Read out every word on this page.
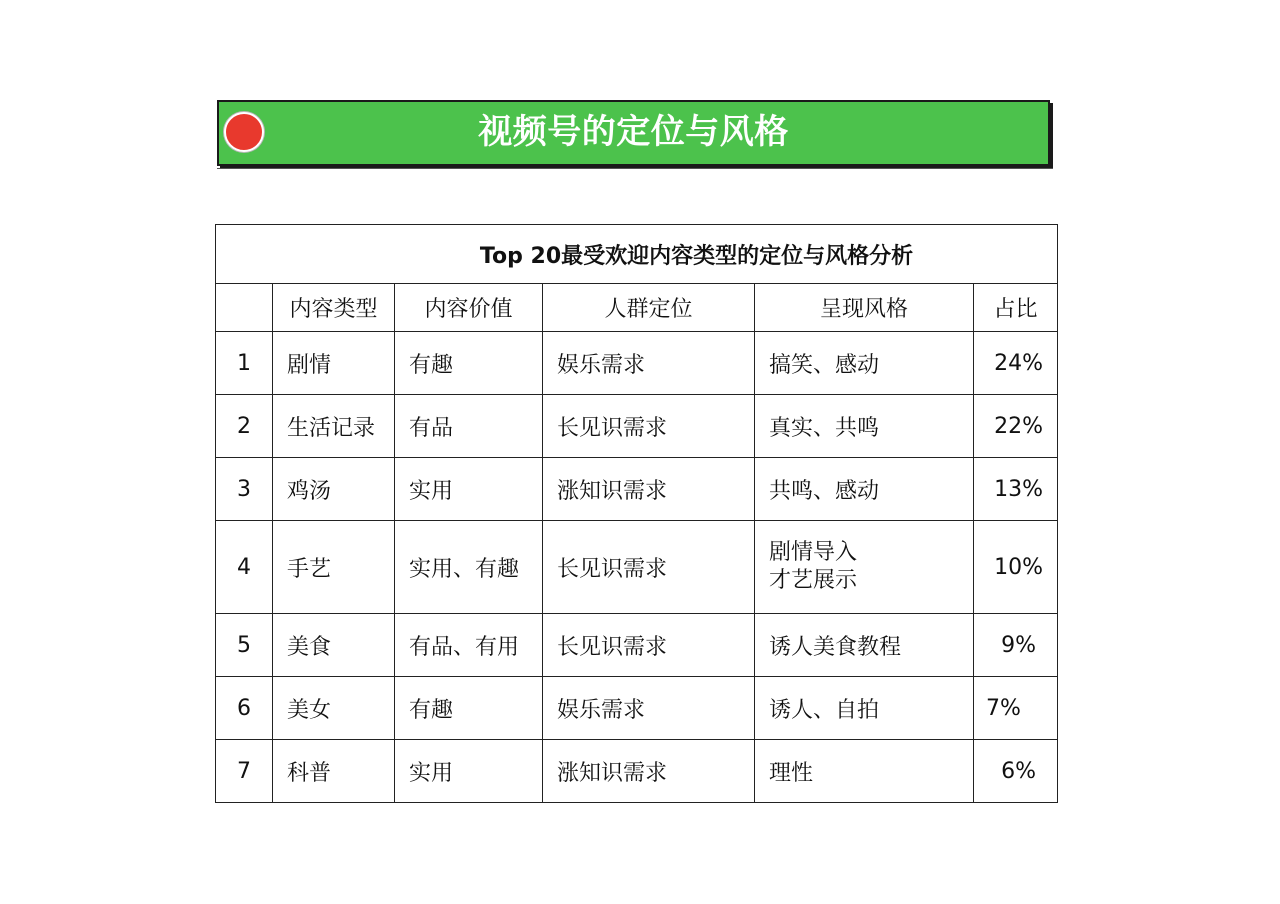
视频号的定位与风格
Top 20最受欢迎内容类型的定位与风格分析					
	内容类型	内容价值	人群定位	呈现风格	占比
1	剧情	有趣	娱乐需求	搞笑、感动	24%
2	生活记录	有品	长见识需求	真实、共鸣	22%
3	鸡汤	实用	涨知识需求	共鸣、感动	13%
4	手艺	实用、有趣	长见识需求	剧情导入
才艺展示	10%
5	美食	有品、有用	长见识需求	诱人美食教程	9%
6	美女	有趣	娱乐需求	诱人、自拍	7%
7	科普	实用	涨知识需求	理性	6%
